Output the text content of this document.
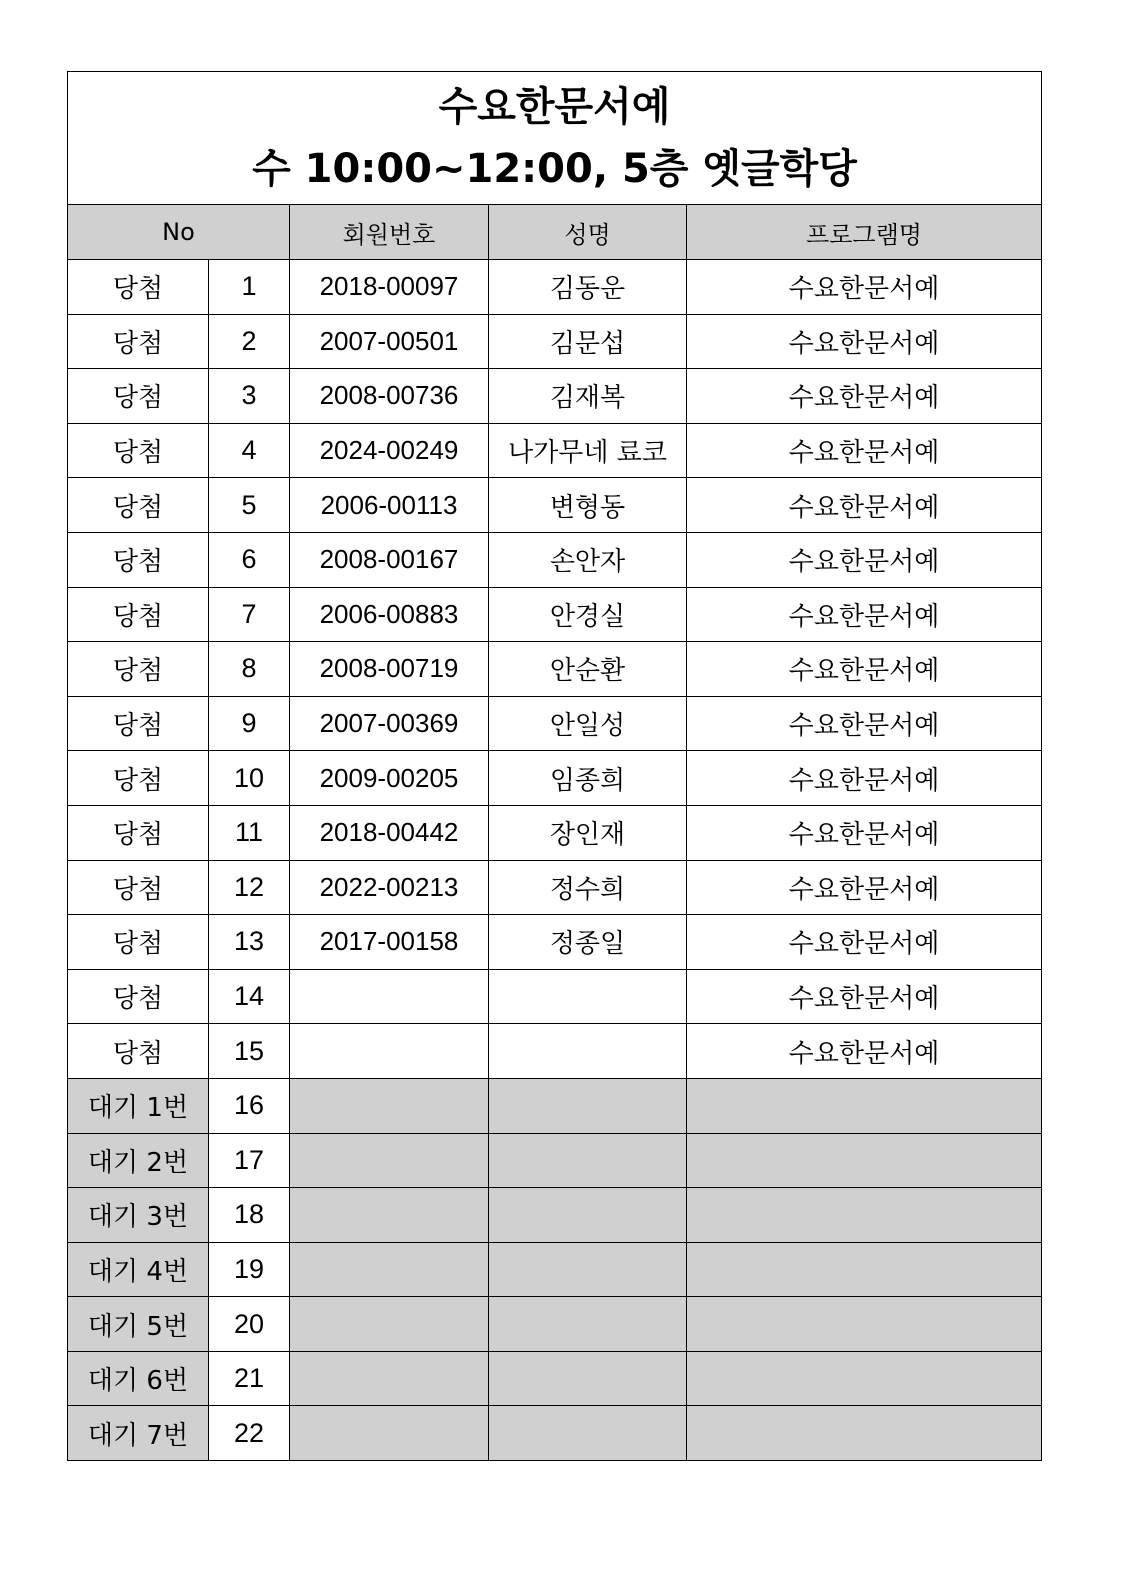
수요한문서예
수 10:00~12:00, 5층 옛글학당				

No		회원번호	성명	프로그램명
당첨	1	2018-00097	김동운	수요한문서예
당첨	2	2007-00501	김문섭	수요한문서예
당첨	3	2008-00736	김재복	수요한문서예
당첨	4	2024-00249	나가무네 료코	수요한문서예
당첨	5	2006-00113	변형동	수요한문서예
당첨	6	2008-00167	손안자	수요한문서예
당첨	7	2006-00883	안경실	수요한문서예
당첨	8	2008-00719	안순환	수요한문서예
당첨	9	2007-00369	안일성	수요한문서예
당첨	10	2009-00205	임종희	수요한문서예
당첨	11	2018-00442	장인재	수요한문서예
당첨	12	2022-00213	정수희	수요한문서예
당첨	13	2017-00158	정종일	수요한문서예
당첨	14			수요한문서예
당첨	15			수요한문서예
대기 1번	16			
대기 2번	17			
대기 3번	18			
대기 4번	19			
대기 5번	20			
대기 6번	21			
대기 7번	22			
